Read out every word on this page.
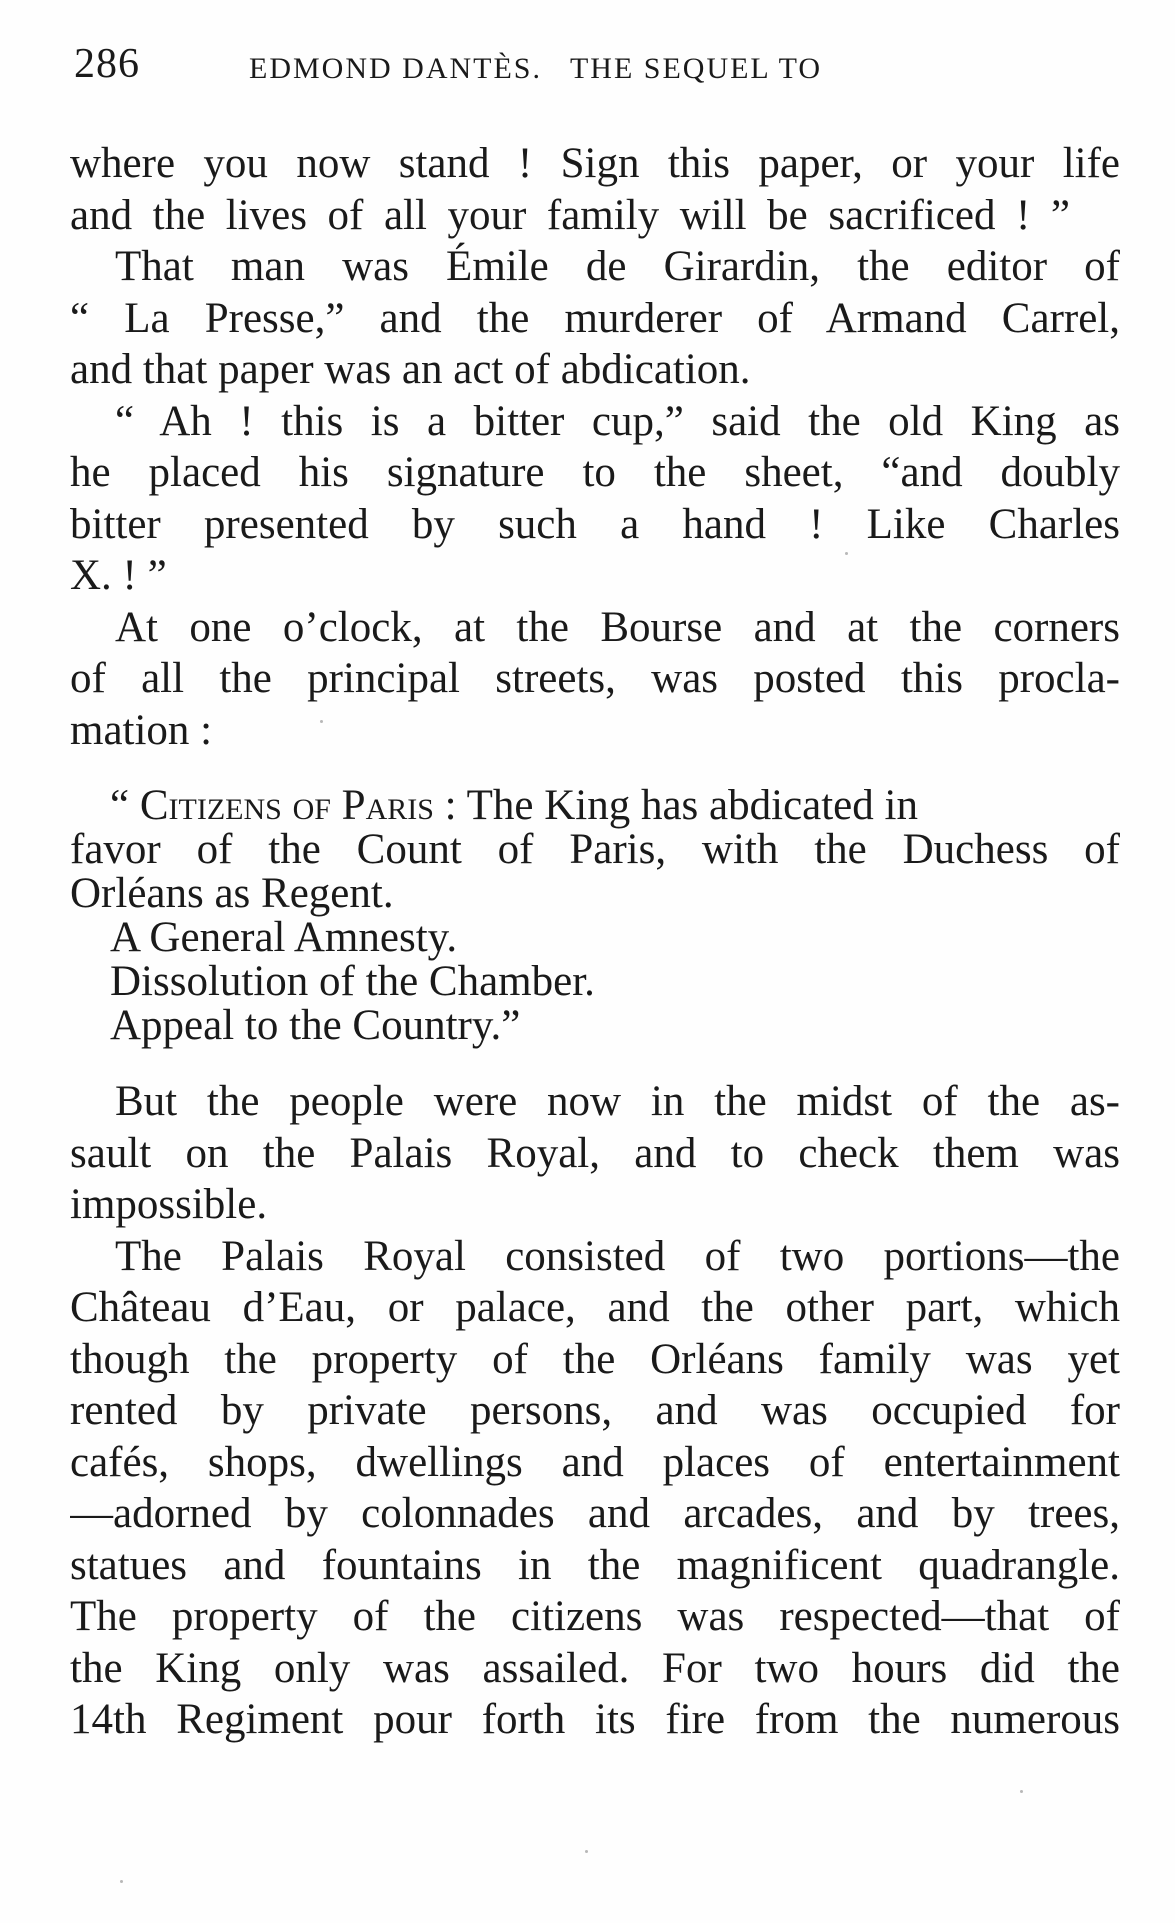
286	EDMOND DANTÈS.   THE SEQUEL TO
where you now stand ! Sign this paper, or your life
and the lives of all your family will be sacrificed ! ”
That man was Émile de Girardin, the editor of
“ La Presse,” and the murderer of Armand Carrel,
and that paper was an act of abdication.
“ Ah ! this is a bitter cup,” said the old King as
he placed his signature to the sheet, “and doubly
bitter presented by such a hand ! Like Charles
X. ! ”
At one o’clock, at the Bourse and at the corners
of all the principal streets, was posted this procla-
mation :
“ Citizens of Paris : The King has abdicated in
favor of the Count of Paris, with the Duchess of
Orléans as Regent.
A General Amnesty.
Dissolution of the Chamber.
Appeal to the Country.”
But the people were now in the midst of the as-
sault on the Palais Royal, and to check them was
impossible.
The Palais Royal consisted of two portions—the
Château d’Eau, or palace, and the other part, which
though the property of the Orléans family was yet
rented by private persons, and was occupied for
cafés, shops, dwellings and places of entertainment
—adorned by colonnades and arcades, and by trees,
statues and fountains in the magnificent quadrangle.
The property of the citizens was respected—that of
the King only was assailed. For two hours did the
14th Regiment pour forth its fire from the numerous
